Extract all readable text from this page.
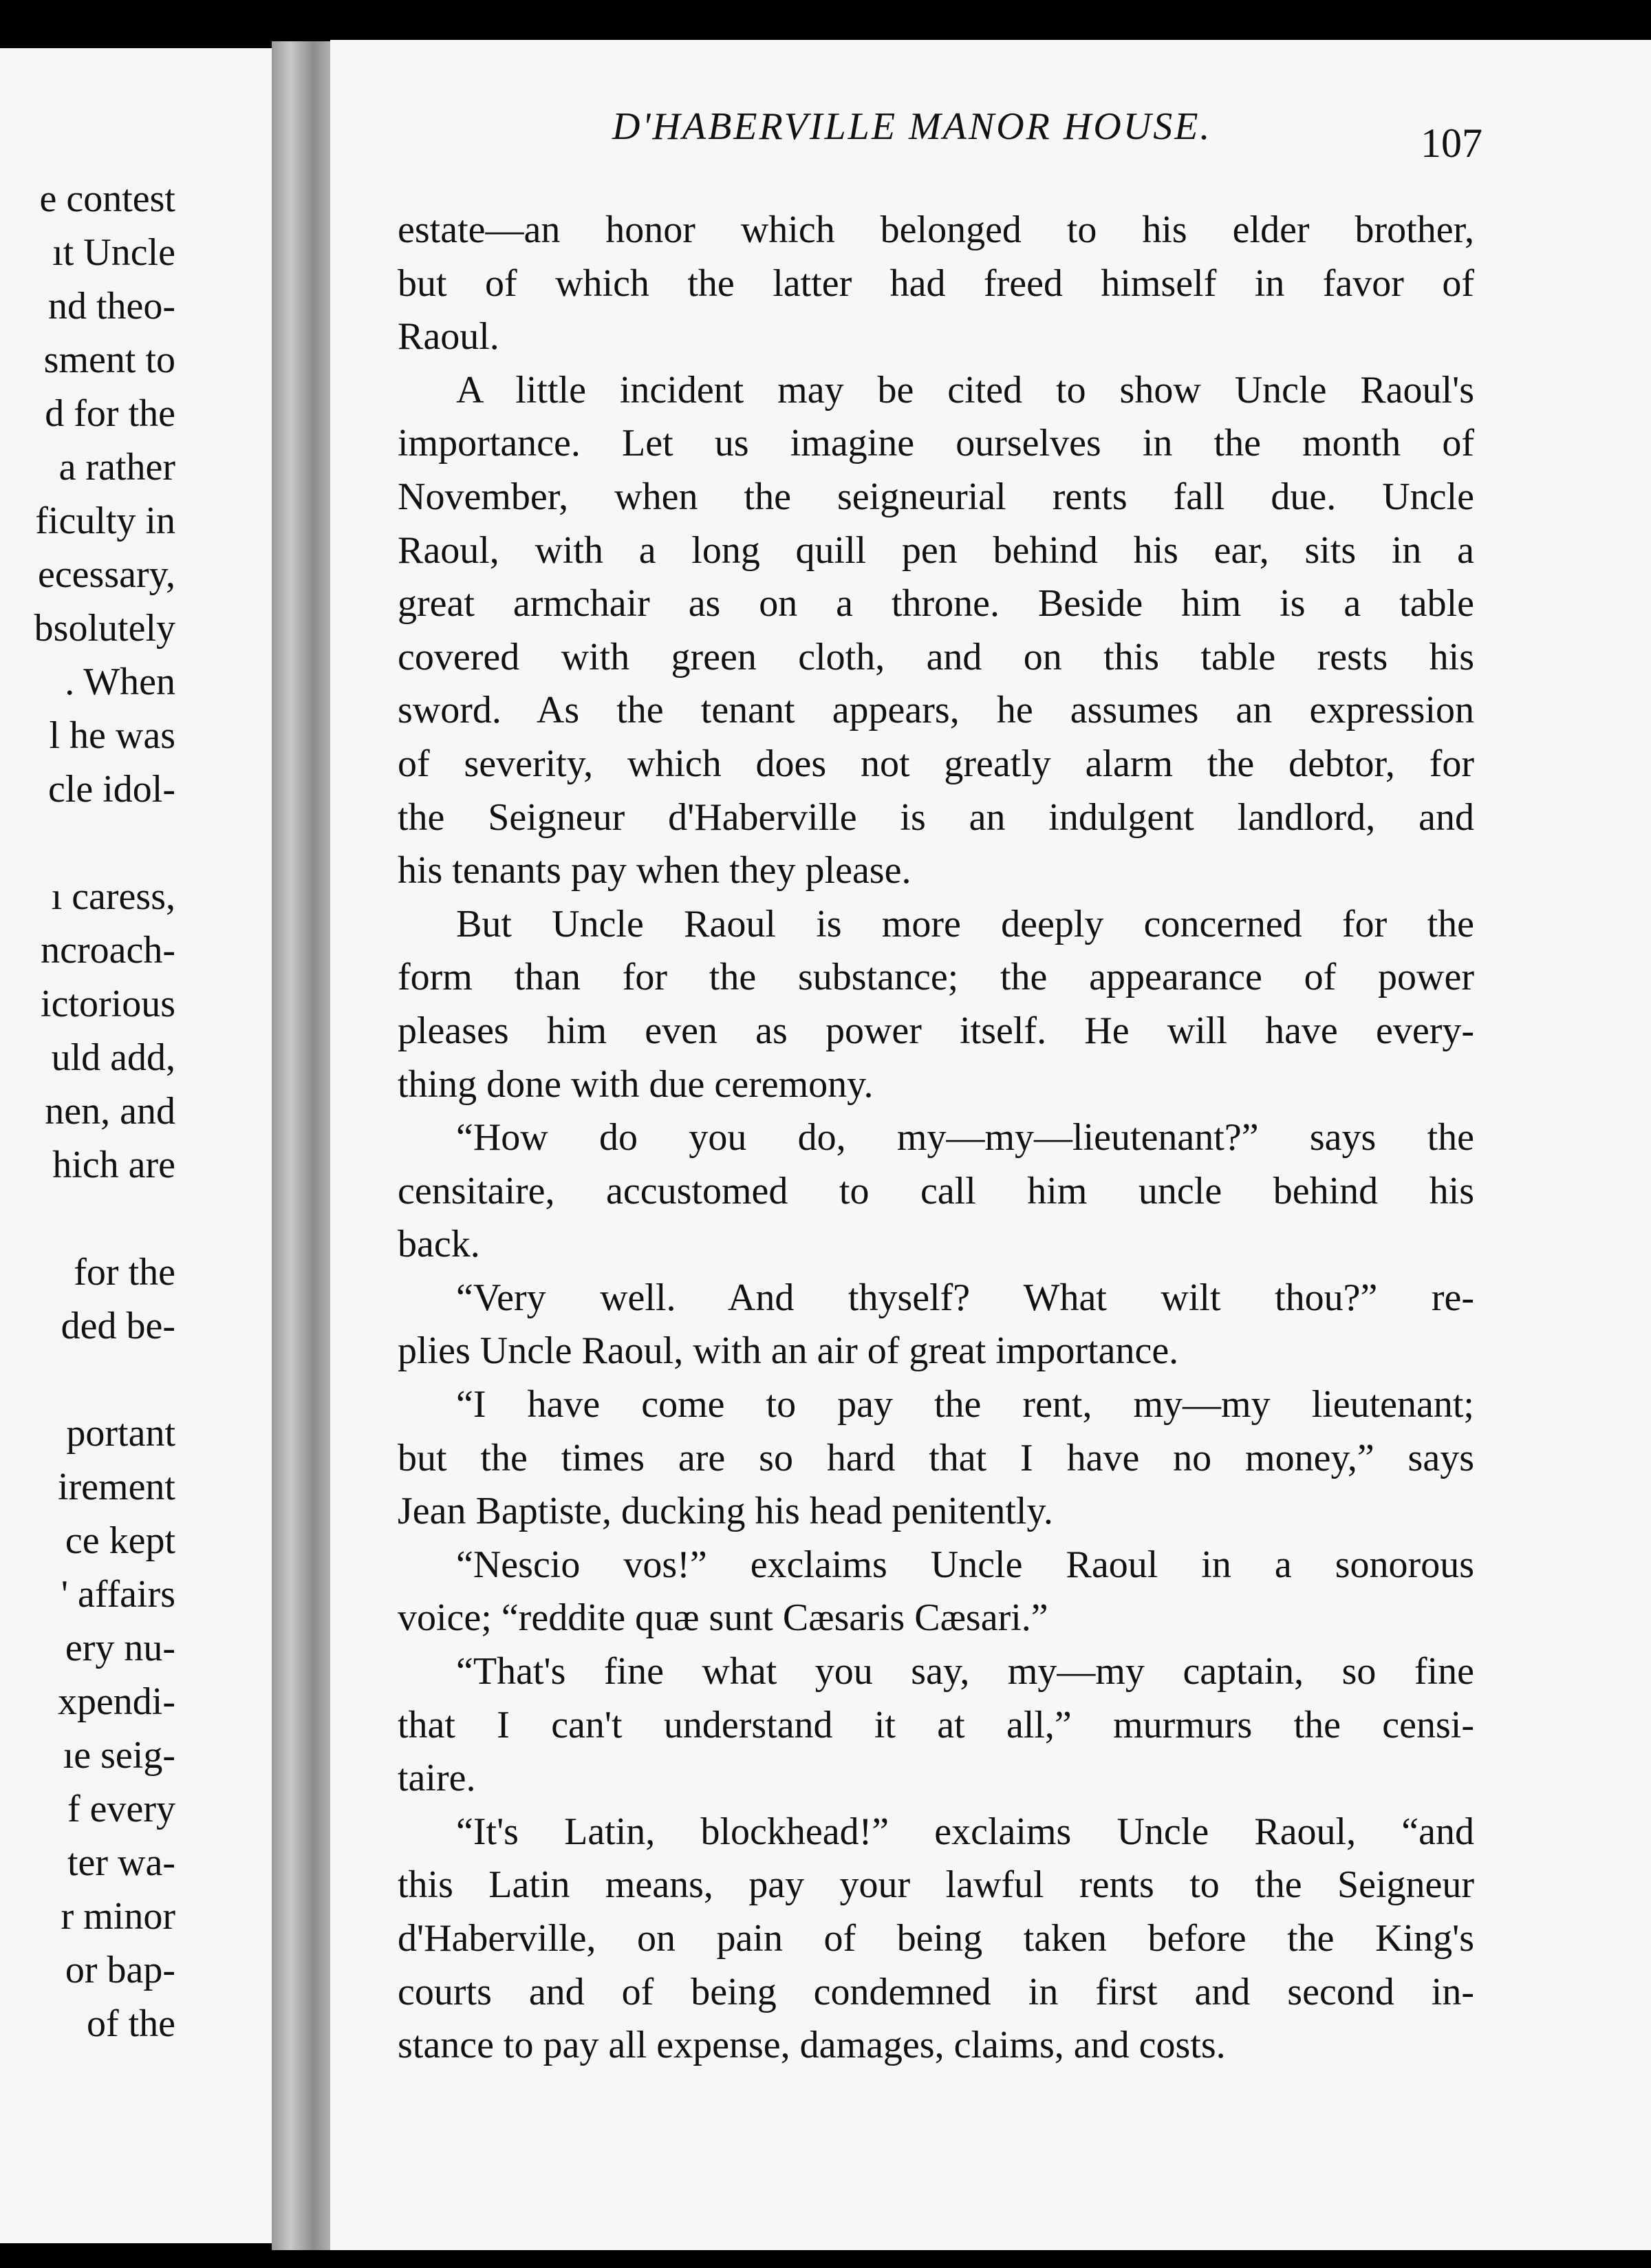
e contest
ıt Uncle
nd theo-
sment to
d for the
a rather
ficulty in
ecessary,
bsolutely
. When
l he was
cle idol-
ı caress,
ncroach-
ictorious
uld add,
nen, and
hich are
for the
ded be-
portant
irement
ce kept
' affairs
ery nu-
xpendi-
ıe seig-
f every
ter wa-
r minor
or bap-
of the
D'HABERVILLE MANOR HOUSE.	107
estate—an honor which belonged to his elder brother,
but of which the latter had freed himself in favor of
Raoul.
A little incident may be cited to show Uncle Raoul's
importance. Let us imagine ourselves in the month of
November, when the seigneurial rents fall due. Uncle
Raoul, with a long quill pen behind his ear, sits in a
great armchair as on a throne. Beside him is a table
covered with green cloth, and on this table rests his
sword. As the tenant appears, he assumes an expression
of severity, which does not greatly alarm the debtor, for
the Seigneur d'Haberville is an indulgent landlord, and
his tenants pay when they please.
But Uncle Raoul is more deeply concerned for the
form than for the substance; the appearance of power
pleases him even as power itself. He will have every-
thing done with due ceremony.
“How do you do, my—my—lieutenant?” says the
censitaire, accustomed to call him uncle behind his
back.
“Very well. And thyself? What wilt thou?” re-
plies Uncle Raoul, with an air of great importance.
“I have come to pay the rent, my—my lieutenant;
but the times are so hard that I have no money,” says
Jean Baptiste, ducking his head penitently.
“Nescio vos!” exclaims Uncle Raoul in a sonorous
voice; “reddite quæ sunt Cæsaris Cæsari.”
“That's fine what you say, my—my captain, so fine
that I can't understand it at all,” murmurs the censi-
taire.
“It's Latin, blockhead!” exclaims Uncle Raoul, “and
this Latin means, pay your lawful rents to the Seigneur
d'Haberville, on pain of being taken before the King's
courts and of being condemned in first and second in-
stance to pay all expense, damages, claims, and costs.
